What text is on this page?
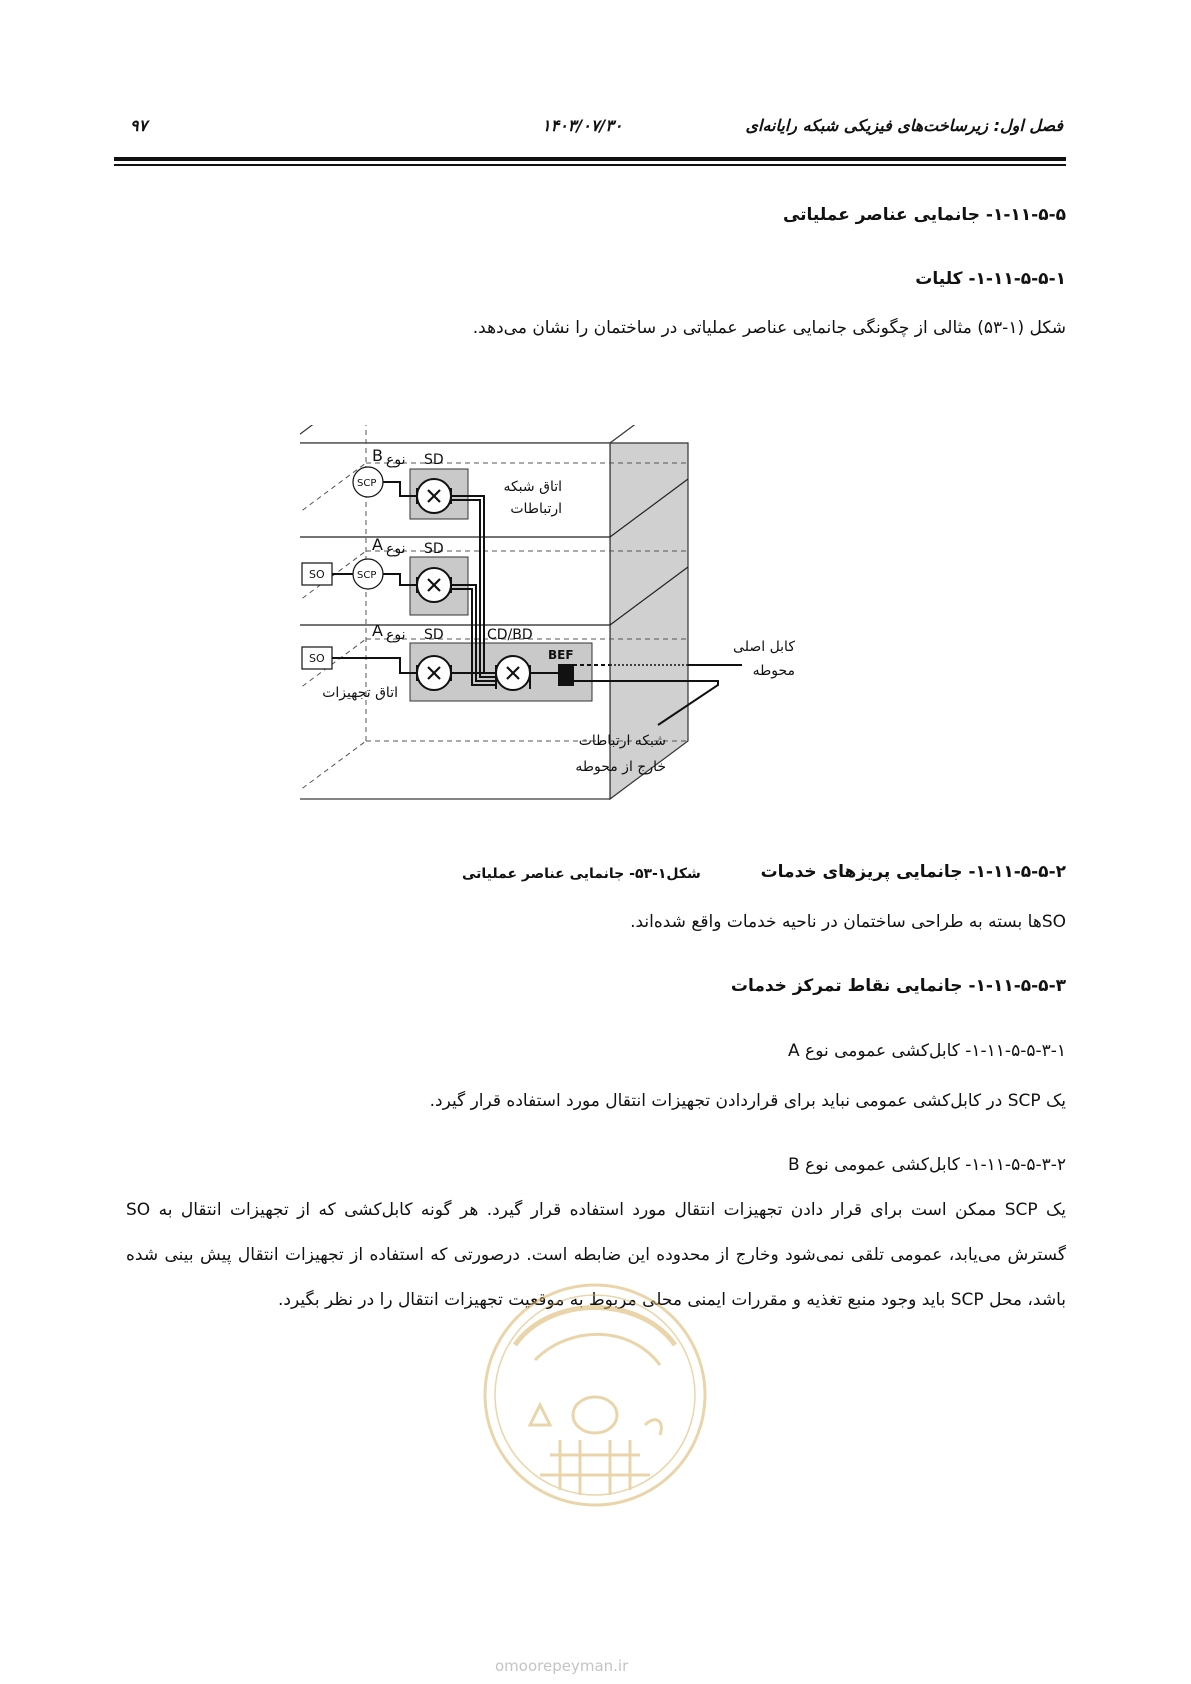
فصل اول: زیرساخت‌های فیزیکی شبکه رایانه‌ای
۱۴۰۳/۰۷/۳۰
۹۷
۱-۱۱-۵-۵- جانمایی عناصر عملیاتی
۱-۱۱-۵-۵-۱- کلیات
شکل (۱-۵۳) مثالی از چگونگی جانمایی عناصر عملیاتی در ساختمان را نشان می‌دهد.
نوع
B	SD
SCP	اتاق شبکه
ارتباطات
نوع
A	SD
SO	SCP
نوع
A	SD	CD/BD
BEF
SO
اتاق تجهیزات
کابل اصلی
محوطه
شبکه ارتباطات
خارج از محوطه
شکل۱-۵۳- جانمایی عناصر عملیاتی	۱-۱۱-۵-۵-۲- جانمایی پریزهای خدمات
SOها بسته به طراحی ساختمان در ناحیه خدمات واقع شده‌اند.
۱-۱۱-۵-۵-۳- جانمایی نقاط تمرکز خدمات
۱-۱۱-۵-۵-۳-۱- کابل‌کشی عمومی نوع A
یک SCP در کابل‌کشی عمومی نباید برای قراردادن تجهیزات انتقال مورد استفاده قرار گیرد.
۱-۱۱-۵-۵-۳-۲- کابل‌کشی عمومی نوع B
یک SCP ممکن است برای قرار دادن تجهیزات انتقال مورد استفاده قرار گیرد. هر گونه کابل‌کشی که از تجهیزات انتقال به SO گسترش می‌یابد، عمومی تلقی نمی‌شود وخارج از محدوده این ضابطه است. درصورتی که استفاده از تجهیزات انتقال پیش بینی شده باشد، محل SCP باید وجود منبع تغذیه و مقررات ایمنی محلی مربوط به موقعیت تجهیزات انتقال را در نظر بگیرد.
omoorepeyman.ir
